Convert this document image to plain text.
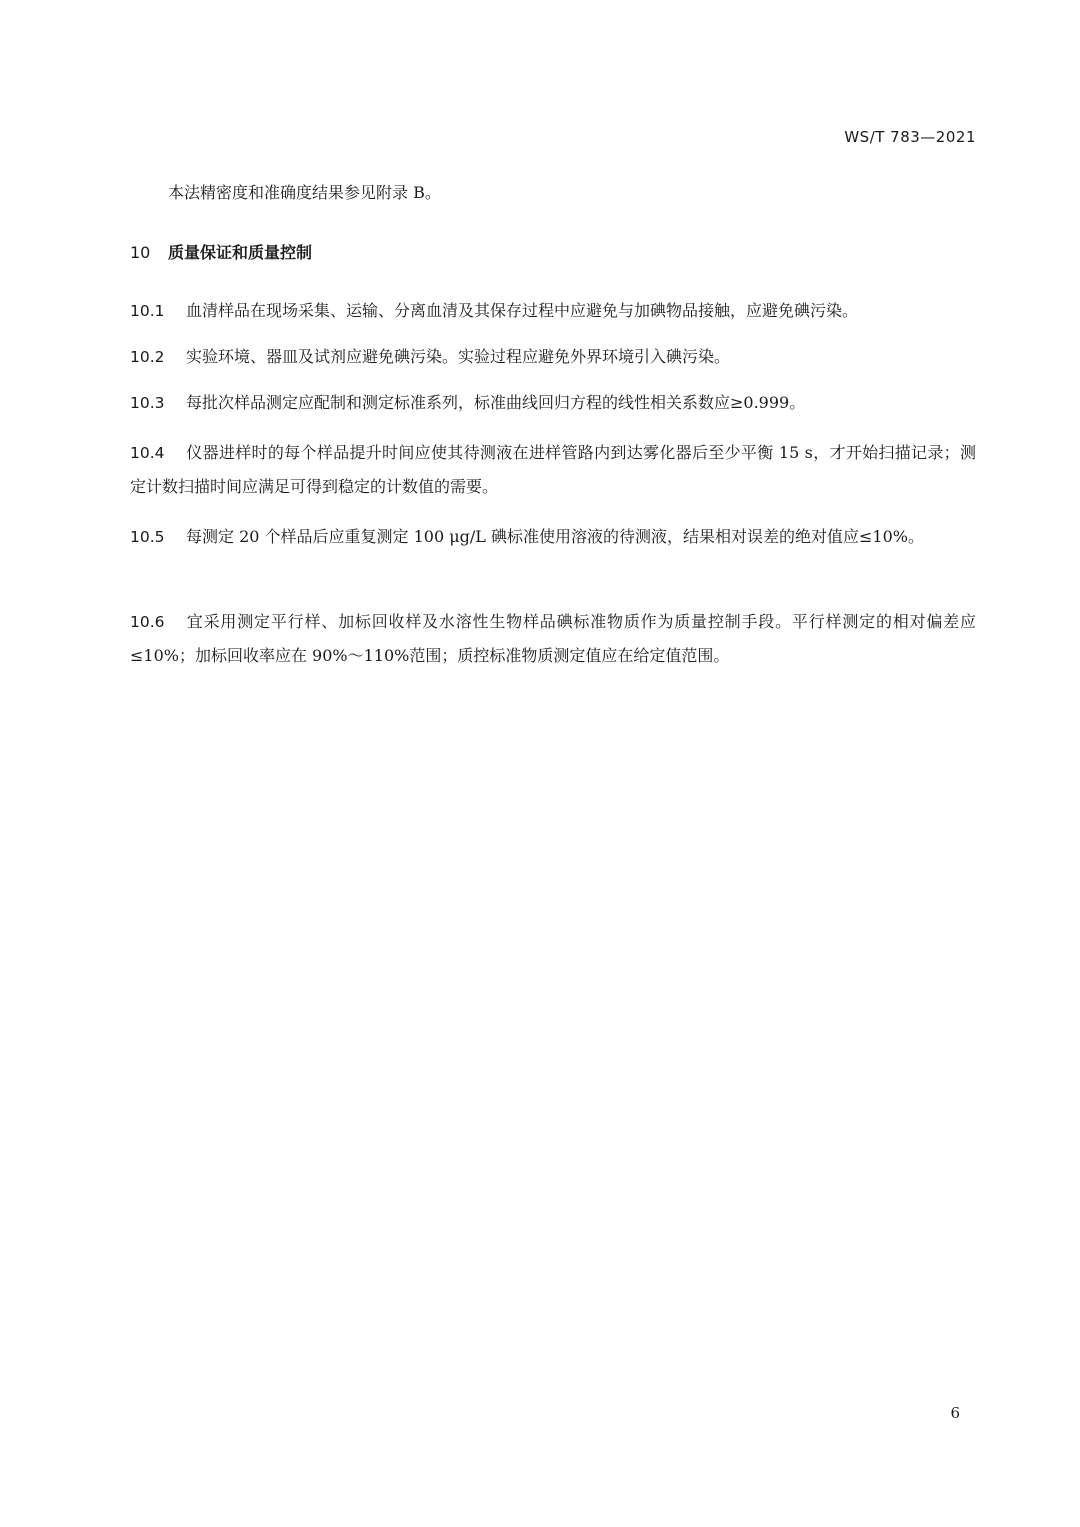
WS/T 783—2021
本法精密度和准确度结果参见附录 B。
10 质量保证和质量控制
10.1 血清样品在现场采集、运输、分离血清及其保存过程中应避免与加碘物品接触，应避免碘污染。
10.2 实验环境、器皿及试剂应避免碘污染。实验过程应避免外界环境引入碘污染。
10.3 每批次样品测定应配制和测定标准系列，标准曲线回归方程的线性相关系数应≥0.999。
10.4 仪器进样时的每个样品提升时间应使其待测液在进样管路内到达雾化器后至少平衡 15 s，才开始扫描记录；测定计数扫描时间应满足可得到稳定的计数值的需要。
10.5 每测定 20 个样品后应重复测定 100 μg/L 碘标准使用溶液的待测液，结果相对误差的绝对值应≤10%。
10.6 宜采用测定平行样、加标回收样及水溶性生物样品碘标准物质作为质量控制手段。平行样测定的相对偏差应≤10%；加标回收率应在 90%～110%范围；质控标准物质测定值应在给定值范围。
6
